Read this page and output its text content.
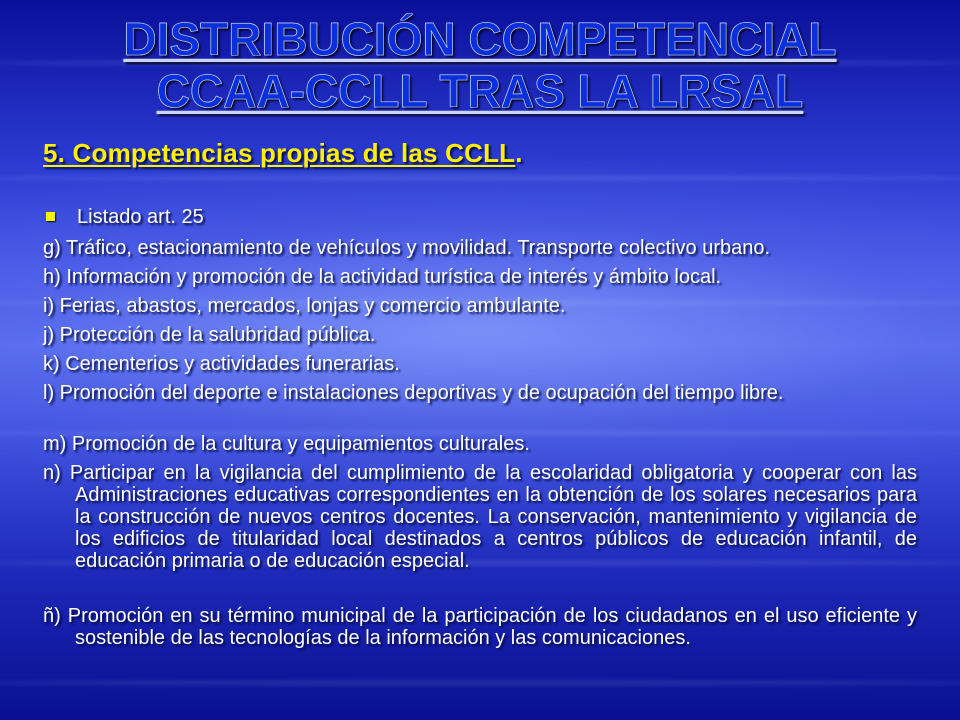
DISTRIBUCIÓN COMPETENCIAL
CCAA-CCLL TRAS LA LRSAL

5. Competencias propias de las CCLL.

Listado art. 25

g) Tráfico, estacionamiento de vehículos y movilidad. Transporte colectivo urbano.

h) Información y promoción de la actividad turística de interés y ámbito local.

i) Ferias, abastos, mercados, lonjas y comercio ambulante.

j) Protección de la salubridad pública.

k) Cementerios y actividades funerarias.

l) Promoción del deporte e instalaciones deportivas y de ocupación del tiempo libre.

m) Promoción de la cultura y equipamientos culturales.

n) Participar en la vigilancia del cumplimiento de la escolaridad obligatoria y cooperar con las Administraciones educativas correspondientes en la obtención de los solares necesarios para la construcción de nuevos centros docentes. La conservación, mantenimiento y vigilancia de los edificios de titularidad local destinados a centros públicos de educación infantil, de educación primaria o de educación especial.

ñ) Promoción en su término municipal de la participación de los ciudadanos en el uso eficiente y sostenible de las tecnologías de la información y las comunicaciones.
